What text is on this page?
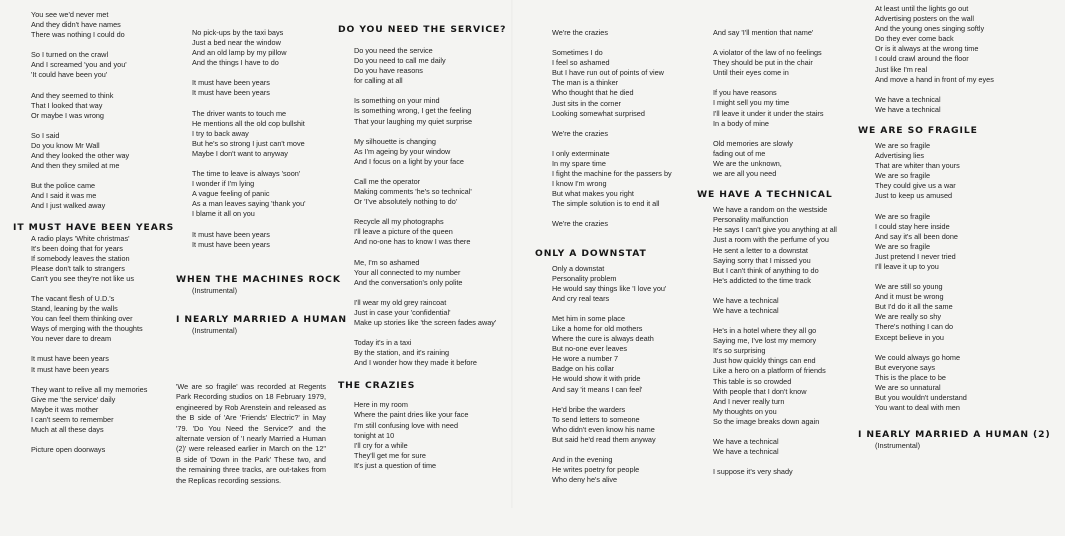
You see we'd never met
And they didn't have names
There was nothing I could do
So I turned on the crawl
And I screamed 'you and you'
'It could have been you'
And they seemed to think
That I looked that way
Or maybe I was wrong
So I said
Do you know Mr Wall
And they looked the other way
And then they smiled at me
But the police came
And I said it was me
And I just walked away
IT MUST HAVE BEEN YEARS
A radio plays 'White christmas'
It's been doing that for years
If somebody leaves the station
Please don't talk to strangers
Can't you see they're not like us
The vacant flesh of U.D.'s
Stand, leaning by the walls
You can feel them thinking over
Ways of merging with the thoughts
You never dare to dream
It must have been years
It must have been years
They want to relive all my memories
Give me 'the service' daily
Maybe it was mother
I can't seem to remember
Much at all these days
Picture open doorways
No pick-ups by the taxi bays
Just a bed near the window
And an old lamp by my pillow
And the things I have to do
It must have been years
It must have been years
The driver wants to touch me
He mentions all the old cop bullshit
I try to back away
But he's so strong I just can't move
Maybe I don't want to anyway
The time to leave is always 'soon'
I wonder if I'm lying
A vague feeling of panic
As a man leaves saying 'thank you'
I blame it all on you
It must have been years
It must have been years
WHEN THE MACHINES ROCK
(Instrumental)
I NEARLY MARRIED A HUMAN
(Instrumental)
'We are so fragile' was recorded at Regents Park Recording studios on 18 February 1979, engineered by Rob Arenstein and released as the B side of 'Are 'Friends' Electric?' in May '79. 'Do You Need the Service?' and the alternate version of 'I nearly Married a Human (2)' were released earlier in March on the 12" B side of 'Down in the Park' These two, and the remaining three tracks, are out-takes from the Replicas recording sessions.
DO YOU NEED THE SERVICE?
Do you need the service
Do you need to call me daily
Do you have reasons
for calling at all
Is something on your mind
Is something wrong, I get the feeling
That your laughing my quiet surprise
My silhouette is changing
As I'm ageing by your window
And I focus on a light by your face
Call me the operator
Making comments 'he's so technical'
Or 'I've absolutely nothing to do'
Recycle all my photographs
I'll leave a picture of the queen
And no-one has to know I was there
Me, I'm so ashamed
Your all connected to my number
And the conversation's only polite
I'll wear my old grey raincoat
Just in case your 'confidential'
Make up stories like 'the screen fades away'
Today it's in a taxi
By the station, and it's raining
And I wonder how they made it before
THE CRAZIES
Here in my room
Where the paint dries like your face
I'm still confusing love with need
tonight at 10
I'll cry for a while
They'll get me for sure
It's just a question of time
We're the crazies
Sometimes I do
I feel so ashamed
But I have run out of points of view
The man is a thinker
Who thought that he died
Just sits in the corner
Looking somewhat surprised
We're the crazies
I only exterminate
In my spare time
I fight the machine for the passers by
I know I'm wrong
But what makes you right
The simple solution is to end it all
We're the crazies
ONLY A DOWNSTAT
Only a downstat
Personality problem
He would say things like 'I love you'
And cry real tears
Met him in some place
Like a home for old mothers
Where the cure is always death
But no-one ever leaves
He wore a number 7
Badge on his collar
He would show it with pride
And say 'it means I can feel'
He'd bribe the warders
To send letters to someone
Who didn't even know his name
But said he'd read them anyway
And in the evening
He writes poetry for people
Who deny he's alive
And say 'I'll mention that name'
A violator of the law of no feelings
They should be put in the chair
Until their eyes come in
If you have reasons
I might sell you my time
I'll leave it under it under the stairs
In a body of mine
Old memories are slowly
fading out of me
We are the unknown,
we are all you need
WE HAVE A TECHNICAL
We have a random on the westside
Personality malfunction
He says I can't give you anything at all
Just a room with the perfume of you
He sent a letter to a downstat
Saying sorry that I missed you
But I can't think of anything to do
He's addicted to the time track
We have a technical
We have a technical
He's in a hotel where they all go
Saying me, I've lost my memory
It's so surprising
Just how quickly things can end
Like a hero on a platform of friends
This table is so crowded
With people that I don't know
And I never really turn
My thoughts on you
So the image breaks down again
We have a technical
We have a technical
I suppose it's very shady
At least until the lights go out
Advertising posters on the wall
And the young ones singing softly
Do they ever come back
Or is it always at the wrong time
I could crawl around the floor
Just like I'm real
And move a hand in front of my eyes
We have a technical
We have a technical
WE ARE SO FRAGILE
We are so fragile
Advertising lies
That are whiter than yours
We are so fragile
They could give us a war
Just to keep us amused
We are so fragile
I could stay here inside
And say it's all been done
We are so fragile
Just pretend I never tried
I'll leave it up to you
We are still so young
And it must be wrong
But I'd do it all the same
We are really so shy
There's nothing I can do
Except believe in you
We could always go home
But everyone says
This is the place to be
We are so unnatural
But you wouldn't understand
You want to deal with men
I NEARLY MARRIED A HUMAN (2)
(Instrumental)
